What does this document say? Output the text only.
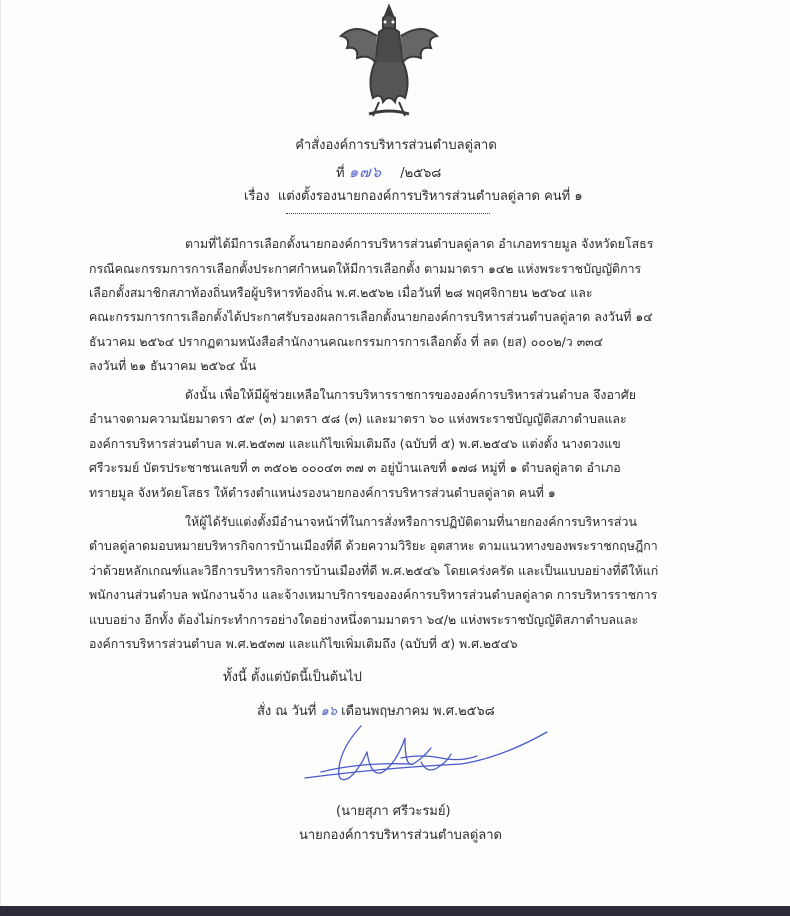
คำสั่งองค์การบริหารส่วนตำบลดู่ลาด
ที่ ๑๗๖ /๒๕๖๘
เรื่อง แต่งตั้งรองนายกองค์การบริหารส่วนตำบลดู่ลาด คนที่ ๑
ตามที่ได้มีการเลือกตั้งนายกองค์การบริหารส่วนตำบลดู่ลาด อำเภอทรายมูล จังหวัดยโสธร
กรณีคณะกรรมการการเลือกตั้งประกาศกำหนดให้มีการเลือกตั้ง ตามมาตรา ๑๔๒ แห่งพระราชบัญญัติการ
เลือกตั้งสมาชิกสภาท้องถิ่นหรือผู้บริหารท้องถิ่น พ.ศ.๒๕๖๒ เมื่อวันที่ ๒๘ พฤศจิกายน ๒๕๖๔ และ
คณะกรรมการการเลือกตั้งได้ประกาศรับรองผลการเลือกตั้งนายกองค์การบริหารส่วนตำบลดู่ลาด ลงวันที่ ๑๔
ธันวาคม ๒๕๖๔ ปรากฏตามหนังสือสำนักงานคณะกรรมการการเลือกตั้ง ที่ ลต (ยส) ๐๐๐๒/ว ๓๓๔
ลงวันที่ ๒๑ ธันวาคม ๒๕๖๔ นั้น
ดังนั้น เพื่อให้มีผู้ช่วยเหลือในการบริหารราชการขององค์การบริหารส่วนตำบล จึงอาศัย
อำนาจตามความนัยมาตรา ๕๙ (๓) มาตรา ๕๘ (๓) และมาตรา ๖๐ แห่งพระราชบัญญัติสภาตำบลและ
องค์การบริหารส่วนตำบล พ.ศ.๒๕๓๗ และแก้ไขเพิ่มเติมถึง (ฉบับที่ ๕) พ.ศ.๒๕๔๖ แต่งตั้ง นางดวงแข
ศรีวะรมย์ บัตรประชาชนเลขที่ ๓ ๓๕๐๒ ๐๐๐๔๓ ๓๗ ๓ อยู่บ้านเลขที่ ๑๗๘ หมู่ที่ ๑ ตำบลดู่ลาด อำเภอ
ทรายมูล จังหวัดยโสธร ให้ดำรงตำแหน่งรองนายกองค์การบริหารส่วนตำบลดู่ลาด คนที่ ๑
ให้ผู้ได้รับแต่งตั้งมีอำนาจหน้าที่ในการสั่งหรือการปฏิบัติตามที่นายกองค์การบริหารส่วน
ตำบลดู่ลาดมอบหมายบริหารกิจการบ้านเมืองที่ดี ด้วยความวิริยะ อุตสาหะ ตามแนวทางของพระราชกฤษฎีกา
ว่าด้วยหลักเกณฑ์และวิธีการบริหารกิจการบ้านเมืองที่ดี พ.ศ.๒๕๔๖ โดยเคร่งครัด และเป็นแบบอย่างที่ดีให้แก่
พนักงานส่วนตำบล พนักงานจ้าง และจ้างเหมาบริการขององค์การบริหารส่วนตำบลดู่ลาด การบริหารราชการ
แบบอย่าง อีกทั้ง ต้องไม่กระทำการอย่างใดอย่างหนึ่งตามมาตรา ๖๔/๒ แห่งพระราชบัญญัติสภาตำบลและ
องค์การบริหารส่วนตำบล พ.ศ.๒๕๓๗ และแก้ไขเพิ่มเติมถึง (ฉบับที่ ๕) พ.ศ.๒๕๔๖
ทั้งนี้ ตั้งแต่บัดนี้เป็นต้นไป
สั่ง ณ วันที่ ๑๖ เดือนพฤษภาคม พ.ศ.๒๕๖๘
(นายสุภา ศรีวะรมย์)
นายกองค์การบริหารส่วนตำบลดู่ลาด
